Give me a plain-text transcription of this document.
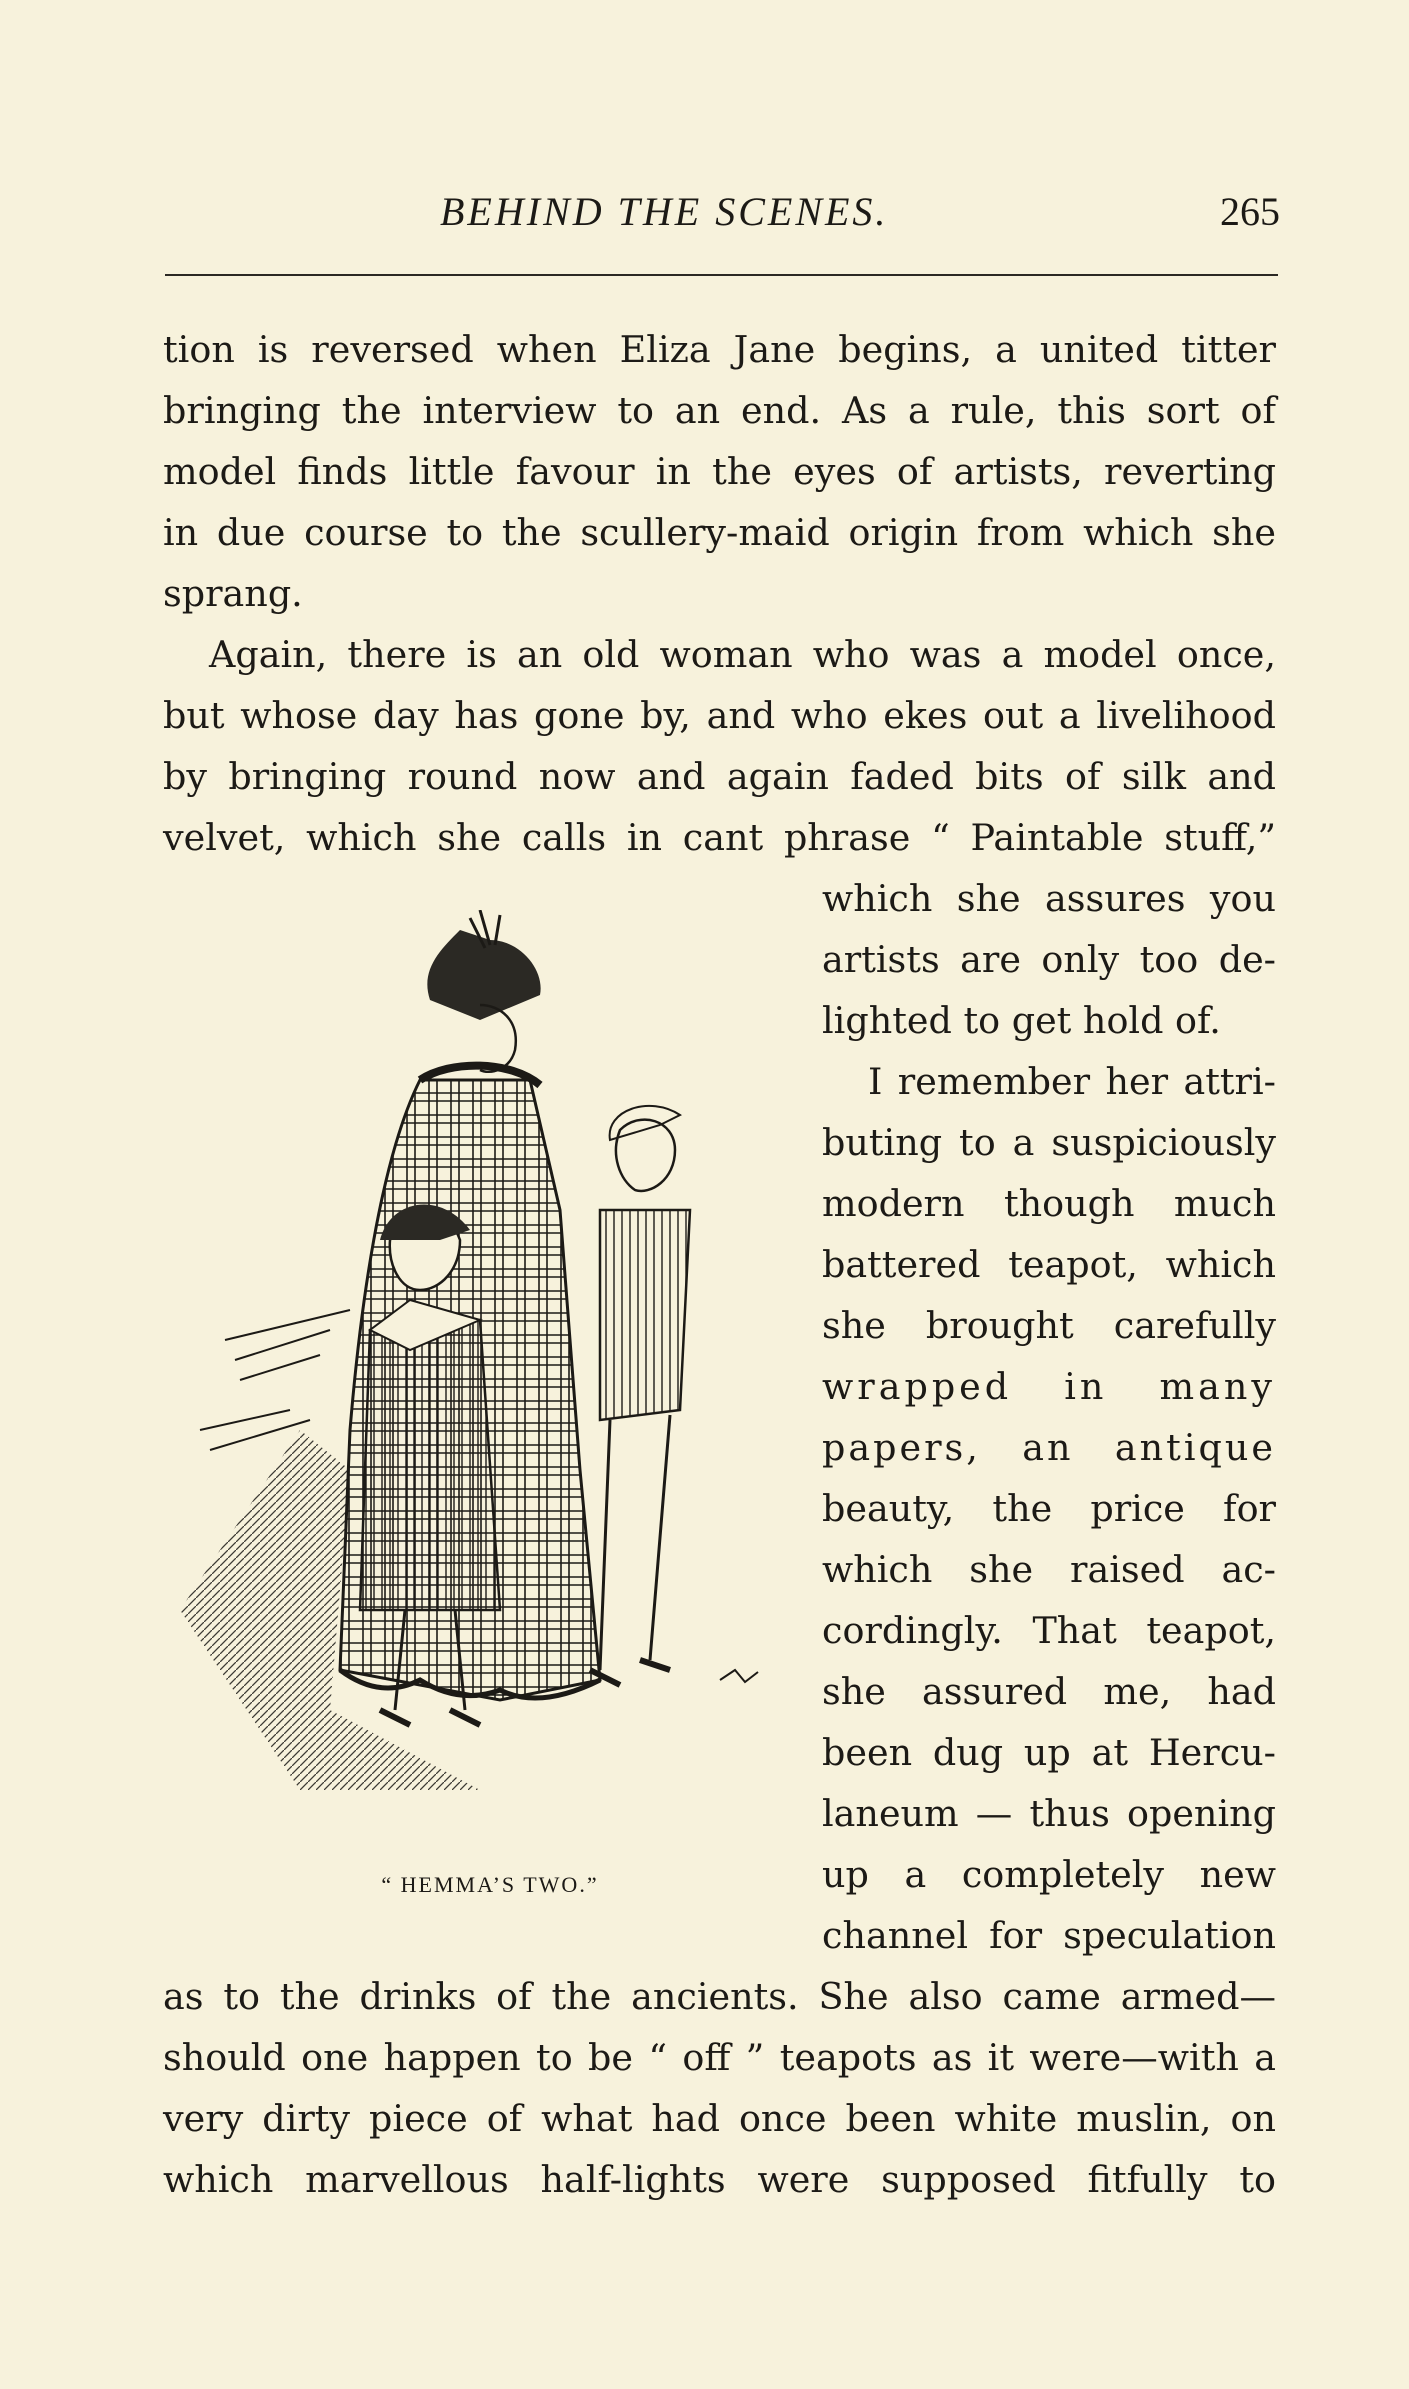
BEHIND THE SCENES.	265
tion is reversed when Eliza Jane begins, a united titter
bringing the interview to an end. As a rule, this sort of
model finds little favour in the eyes of artists, reverting
in due course to the scullery-maid origin from which she
sprang.
Again, there is an old woman who was a model once,
but whose day has gone by, and who ekes out a livelihood
by bringing round now and again faded bits of silk and
velvet, which she calls in cant phrase “ Paintable stuff,”
which she assures you
artists are only too de-
lighted to get hold of.
I remember her attri-
buting to a suspiciously
modern though much
battered teapot, which
she brought carefully
wrapped in many
papers, an antique
beauty, the price for
which she raised ac-
cordingly. That teapot,
she assured me, had
been dug up at Hercu-
laneum — thus opening
up a completely new
channel for speculation
“ HEMMA’S TWO.”
as to the drinks of the ancients. She also came armed—
should one happen to be “ off ” teapots as it were—with a
very dirty piece of what had once been white muslin, on
which marvellous half-lights were supposed fitfully to
